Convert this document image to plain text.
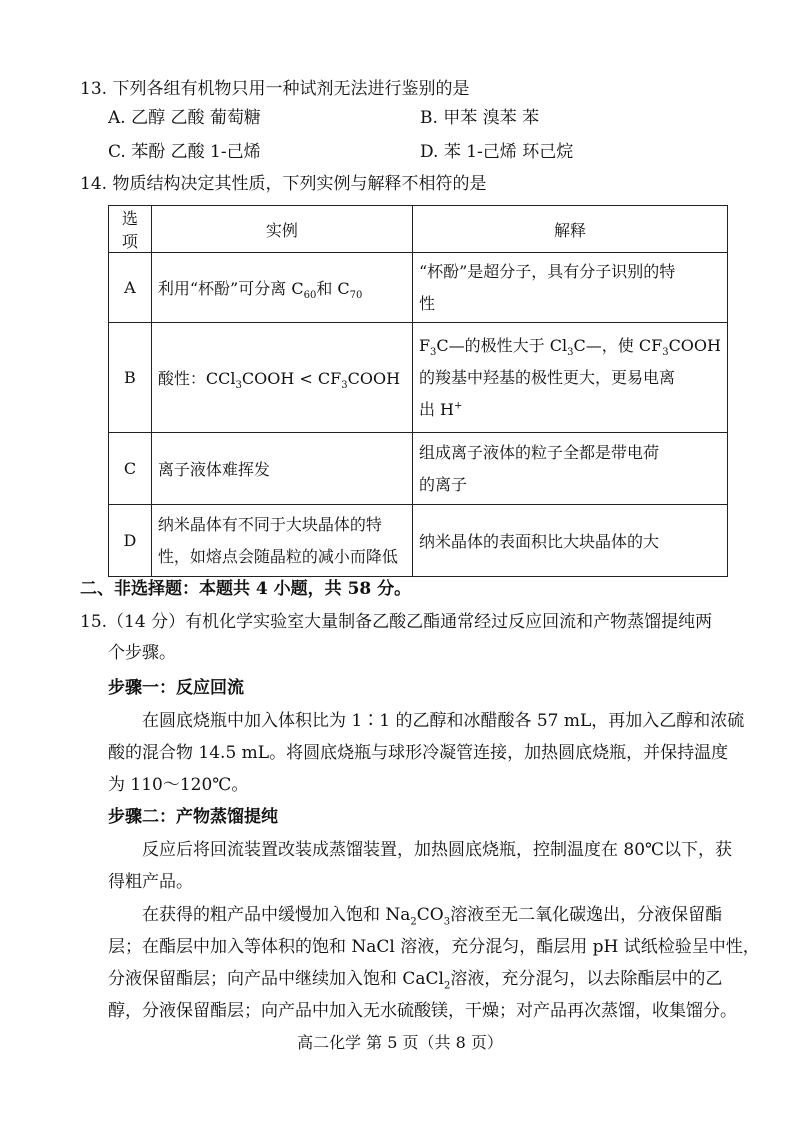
13. 下列各组有机物只用一种试剂无法进行鉴别的是
A. 乙醇 乙酸 葡萄糖	B. 甲苯 溴苯 苯
C. 苯酚 乙酸 1-己烯	D. 苯 1-己烯 环己烷
14. 物质结构决定其性质，下列实例与解释不相符的是
选项	实例	解释
A	利用“杯酚”可分离 $C_{60}$和 $C_{70}$	“杯酚”是超分子，具有分子识别的特
性

B	酸性：CCl$_3$COOH < $CF_3COOH$	$F_3C—$的极性大于 $Cl_3C—$，使 $CF_3COOH$
的羧基中羟基的极性更大，更易电离
出 H+

C	离子液体难挥发	组成离子液体的粒子全都是带电荷
的离子

D	纳米晶体有不同于大块晶体的特
性，如熔点会随晶粒的减小而降低	纳米晶体的表面积比大块晶体的大
二、非选择题：本题共 4 小题，共 58 分。
15.（14 分）有机化学实验室大量制备乙酸乙酯通常经过反应回流和产物蒸馏提纯两
个步骤。
步骤一：反应回流
在圆底烧瓶中加入体积比为 1∶1 的乙醇和冰醋酸各 57 mL，再加入乙醇和浓硫
酸的混合物 14.5 mL。将圆底烧瓶与球形冷凝管连接，加热圆底烧瓶，并保持温度
为 110～120℃。
步骤二：产物蒸馏提纯
反应后将回流装置改装成蒸馏装置，加热圆底烧瓶，控制温度在 80℃以下，获
得粗产品。
在获得的粗产品中缓慢加入饱和 $Na_2CO_3$溶液至无二氧化碳逸出，分液保留酯
层；在酯层中加入等体积的饱和 NaCl 溶液，充分混匀，酯层用 pH 试纸检验呈中性，
分液保留酯层；向产品中继续加入饱和 CaCl$_2$溶液，充分混匀，以去除酯层中的乙
醇，分液保留酯层；向产品中加入无水硫酸镁，干燥；对产品再次蒸馏，收集馏分。
高二化学 第 5 页（共 8 页）
